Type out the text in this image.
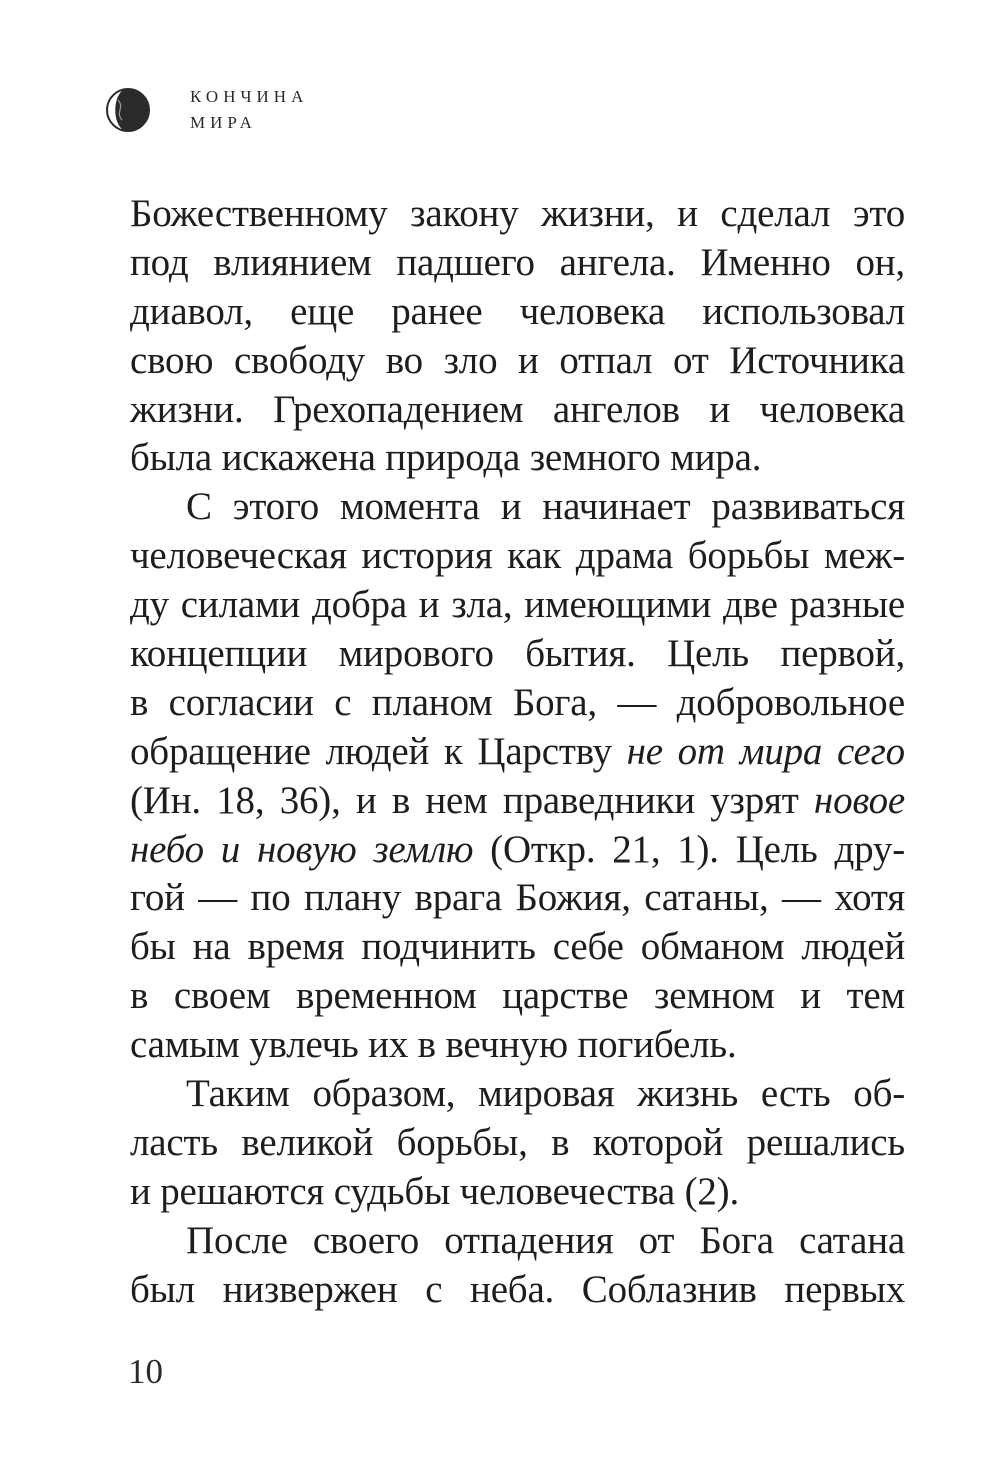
КОНЧИНА
МИРА
Божественному закону жизни, и сделал это
под влиянием падшего ангела. Именно он,
диавол, еще ранее человека использовал
свою свободу во зло и отпал от Источника
жизни. Грехопадением ангелов и человека
была искажена природа земного мира.
С этого момента и начинает развиваться
человеческая история как драма борьбы меж-
ду силами добра и зла, имеющими две разные
концепции мирового бытия. Цель первой,
в согласии с планом Бога, — добровольное
обращение людей к Царству не от мира сего
(Ин. 18, 36), и в нем праведники узрят новое
небо и новую землю (Откр. 21, 1). Цель дру-
гой — по плану врага Божия, сатаны, — хотя
бы на время подчинить себе обманом людей
в своем временном царстве земном и тем
самым увлечь их в вечную погибель.
Таким образом, мировая жизнь есть об-
ласть великой борьбы, в которой решались
и решаются судьбы человечества (2).
После своего отпадения от Бога сатана
был низвержен с неба. Соблазнив первых
10
